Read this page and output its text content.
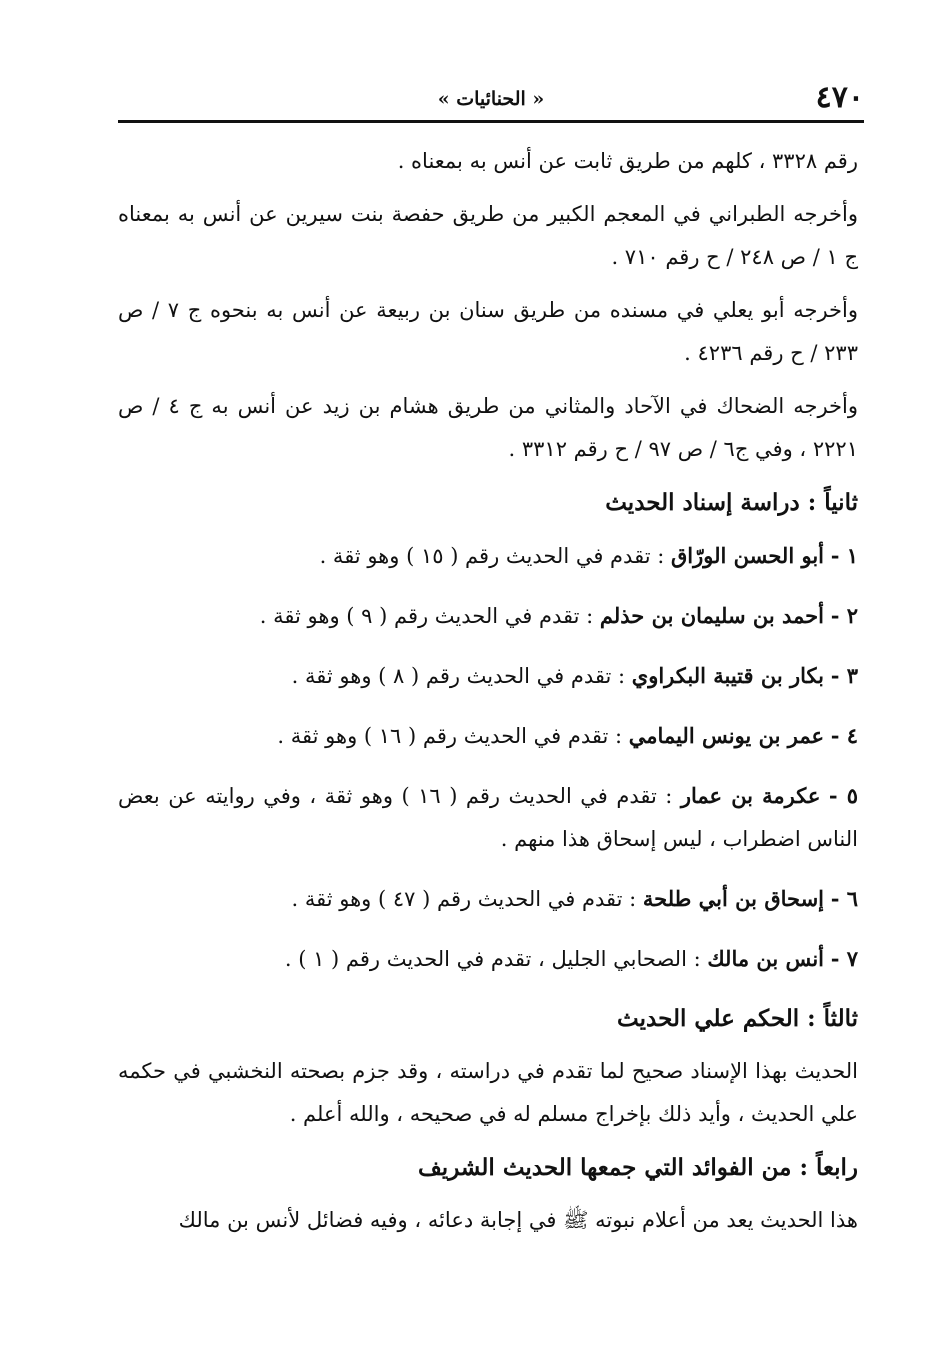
٤٧٠
« الحنائيات »

رقم ٣٣٢٨ ، كلهم من طريق ثابت عن أنس به بمعناه .

وأخرجه الطبراني في المعجم الكبير من طريق حفصة بنت سيرين عن أنس به بمعناه ج ١ / ص ٢٤٨ / ح رقم ٧١٠ .

وأخرجه أبو يعلي في مسنده من طريق سنان بن ربيعة عن أنس به بنحوه ج ٧ / ص ٢٣٣ / ح رقم ٤٢٣٦ .

وأخرجه الضحاك في الآحاد والمثاني من طريق هشام بن زيد عن أنس به ج ٤ / ص ٢٢٢١ ، وفي ج٦ / ص ٩٧ / ح رقم ٣٣١٢ .

ثانياً : دراسة إسناد الحديث

١ - أبو الحسن الورّاق : تقدم في الحديث رقم ( ١٥ ) وهو ثقة .

٢ - أحمد بن سليمان بن حذلم : تقدم في الحديث رقم ( ٩ ) وهو ثقة .

٣ - بكار بن قتيبة البكراوي : تقدم في الحديث رقم ( ٨ ) وهو ثقة .

٤ - عمر بن يونس اليمامي : تقدم في الحديث رقم ( ١٦ ) وهو ثقة .

٥ - عكرمة بن عمار : تقدم في الحديث رقم ( ١٦ ) وهو ثقة ، وفي روايته عن بعض الناس اضطراب ، ليس إسحاق هذا منهم .

٦ - إسحاق بن أبي طلحة : تقدم في الحديث رقم ( ٤٧ ) وهو ثقة .

٧ - أنس بن مالك : الصحابي الجليل ، تقدم في الحديث رقم ( ١ ) .

ثالثاً : الحكم علي الحديث

الحديث بهذا الإسناد صحيح لما تقدم في دراسته ، وقد جزم بصحته النخشبي في حكمه علي الحديث ، وأيد ذلك بإخراج مسلم له في صحيحه ، والله أعلم .

رابعاً : من الفوائد التي جمعها الحديث الشريف

هذا الحديث يعد من أعلام نبوته ﷺ في إجابة دعائه ، وفيه فضائل لأنس بن مالك
